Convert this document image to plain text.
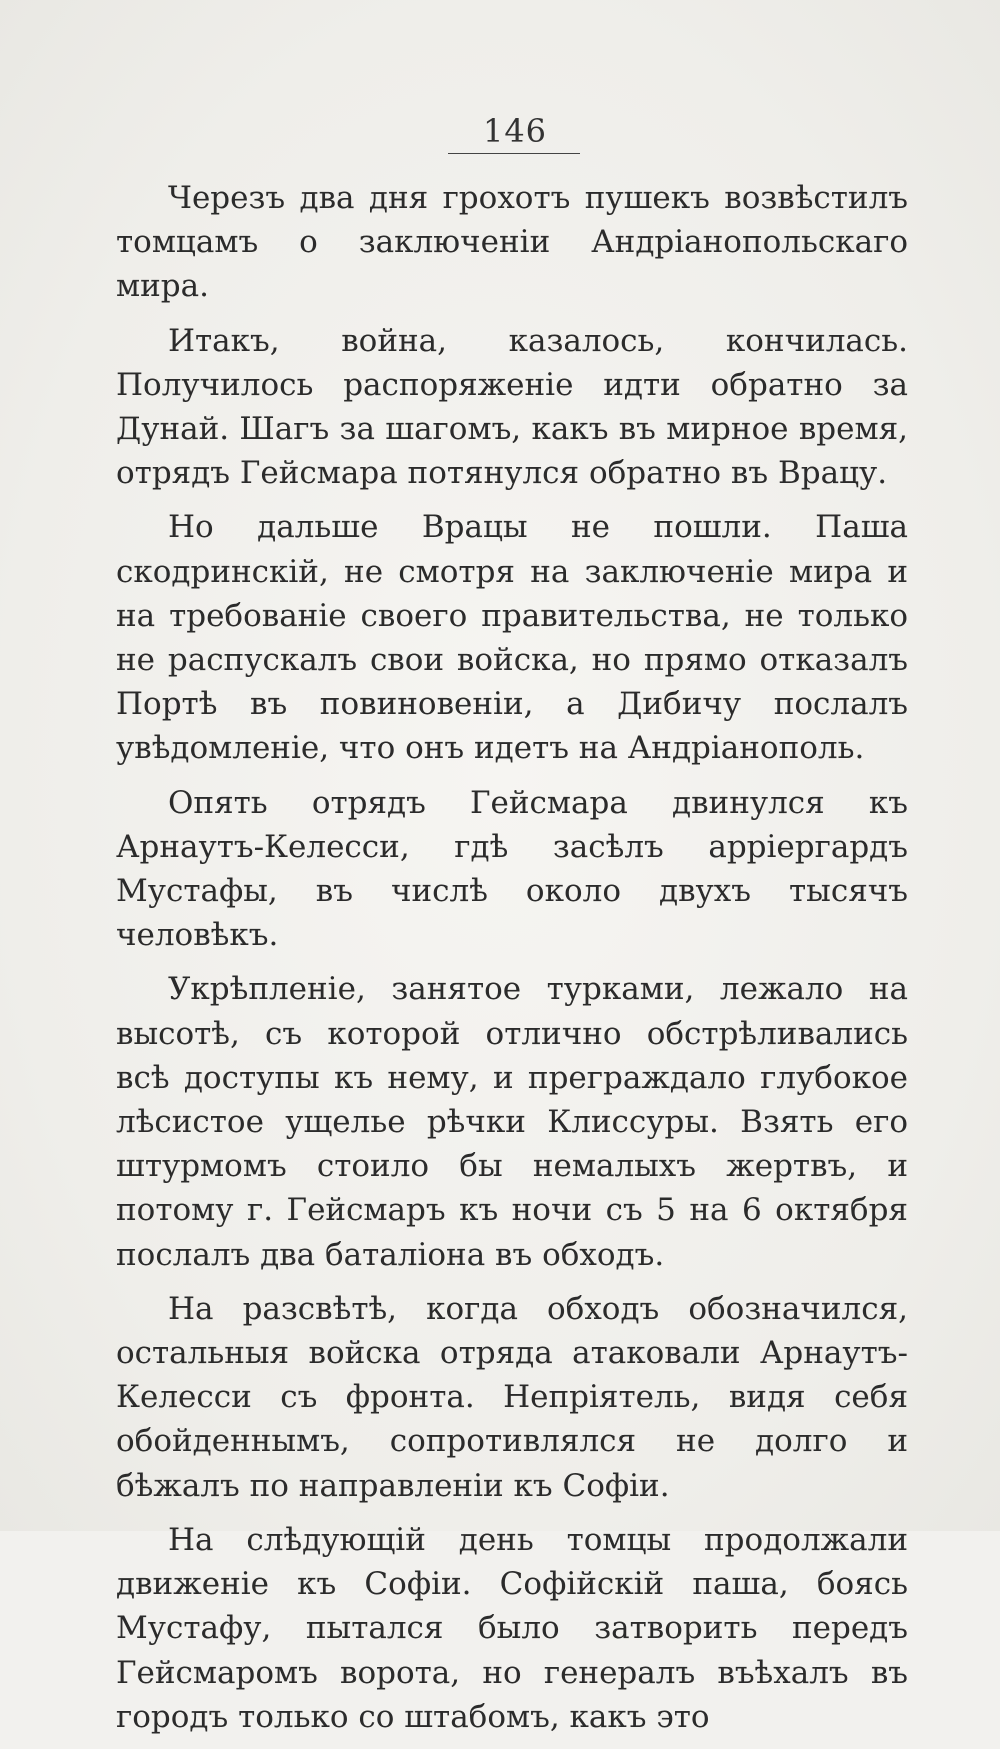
146

Черезъ два дня грохотъ пушекъ возвѣстилъ томцамъ о заключеніи Андріанопольскаго мира.

Итакъ, война, казалось, кончилась. Получилось распоряженіе идти обратно за Дунай. Шагъ за шагомъ, какъ въ мирное время, отрядъ Гейсмара потянулся обратно въ Врацу.

Но дальше Врацы не пошли. Паша скодринскій, не смотря на заключеніе мира и на требованіе своего правительства, не только не распускалъ свои войска, но прямо отказалъ Портѣ въ повиновеніи, а Дибичу послалъ увѣдомленіе, что онъ идетъ на Андріанополь.

Опять отрядъ Гейсмара двинулся къ Арнаутъ-Келесси, гдѣ засѣлъ арріергардъ Мустафы, въ числѣ около двухъ тысячъ человѣкъ.

Укрѣпленіе, занятое турками, лежало на высотѣ, съ которой отлично обстрѣливались всѣ доступы къ нему, и преграждало глубокое лѣсистое ущелье рѣчки Клиссуры. Взять его штурмомъ стоило бы немалыхъ жертвъ, и потому г. Гейсмаръ къ ночи съ 5 на 6 октября послалъ два баталіона въ обходъ.

На разсвѣтѣ, когда обходъ обозначился, остальныя войска отряда атаковали Арнаутъ-Келесси съ фронта. Непріятель, видя себя обойденнымъ, сопротивлялся не долго и бѣжалъ по направленіи къ Софіи.

На слѣдующій день томцы продолжали движеніе къ Софіи. Софійскій паша, боясь Мустафу, пытался было затворить передъ Гейсмаромъ ворота, но генералъ въѣхалъ въ городъ только со штабомъ, какъ это
